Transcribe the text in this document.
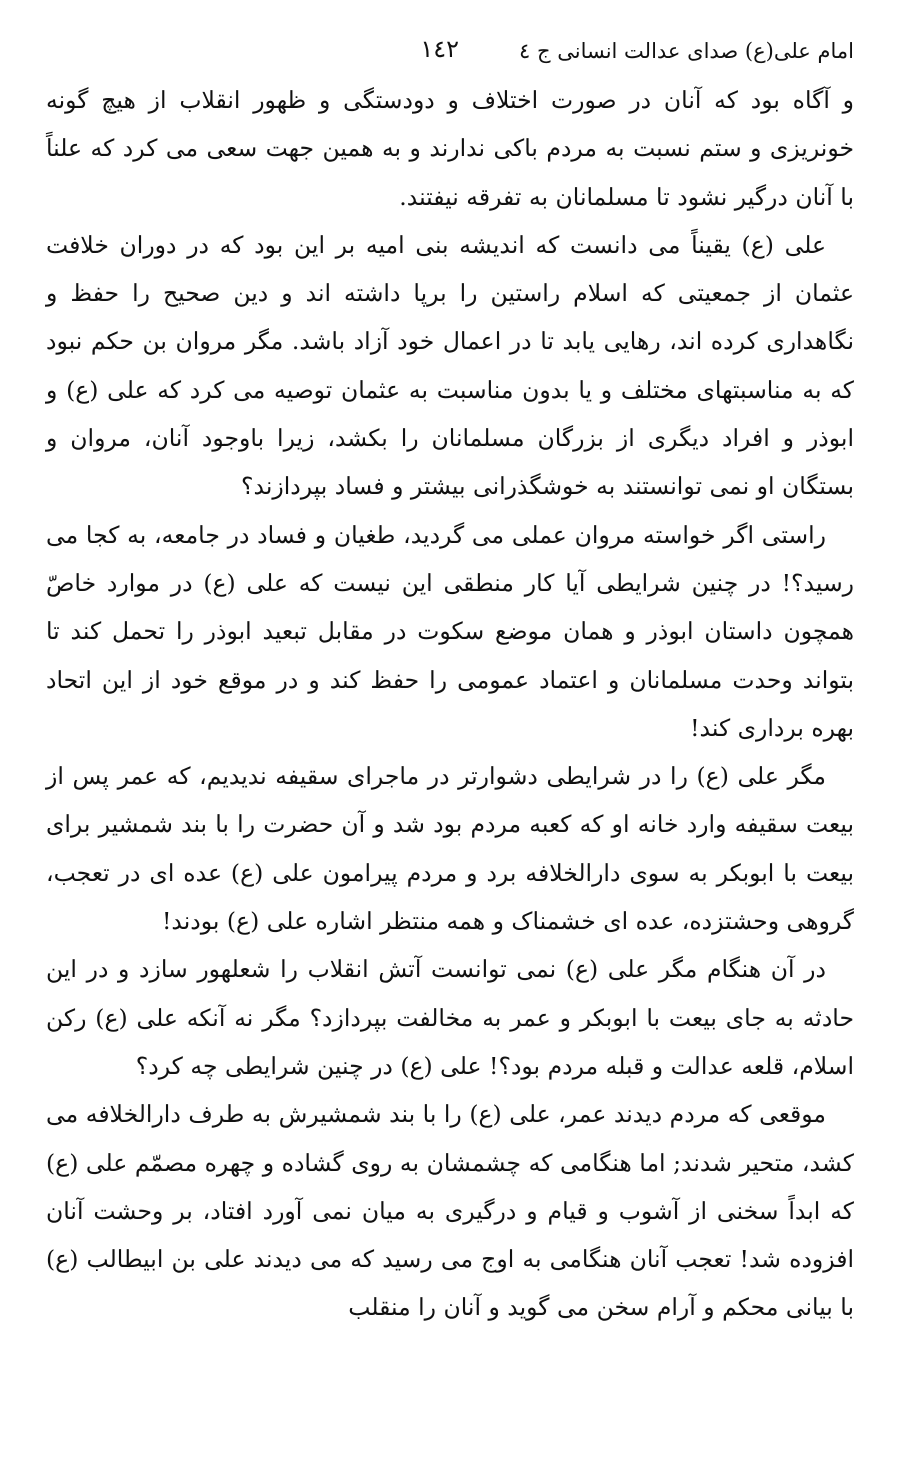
امام علی(ع) صدای عدالت انسانی ج ٤
١٤٢

و آگاه بود که آنان در صورت اختلاف و دودستگی و ظهور انقلاب از هیچ گونه خونریزی و ستم نسبت به مردم باکی ندارند و به همین جهت سعی می کرد که علناً با آنان درگیر نشود تا مسلمانان به تفرقه نیفتند.

علی (ع) یقیناً می دانست که اندیشه بنی امیه بر این بود که در دوران خلافت عثمان از جمعیتی که اسلام راستین را برپا داشته اند و دین صحیح را حفظ و نگاهداری کرده اند، رهایی یابد تا در اعمال خود آزاد باشد. مگر مروان بن حکم نبود که به مناسبتهای مختلف و یا بدون مناسبت به عثمان توصیه می کرد که علی (ع) و ابوذر و افراد دیگری از بزرگان مسلمانان را بکشد، زیرا باوجود آنان، مروان و بستگان او نمی توانستند به خوشگذرانی بیشتر و فساد بپردازند؟

راستی اگر خواسته مروان عملی می گردید، طغیان و فساد در جامعه، به کجا می رسید؟! در چنین شرایطی آیا کار منطقی این نیست که علی (ع) در موارد خاصّ همچون داستان ابوذر و همان موضع سکوت در مقابل تبعید ابوذر را تحمل کند تا بتواند وحدت مسلمانان و اعتماد عمومی را حفظ کند و در موقع خود از این اتحاد بهره برداری کند!

مگر علی (ع) را در شرایطی دشوارتر در ماجرای سقیفه ندیدیم، که عمر پس از بیعت سقیفه وارد خانه او که کعبه مردم بود شد و آن حضرت را با بند شمشیر برای بیعت با ابوبکر به سوی دارالخلافه برد و مردم پیرامون علی (ع) عده ای در تعجب، گروهی وحشتزده، عده ای خشمناک و همه منتظر اشاره علی (ع) بودند!

در آن هنگام مگر علی (ع) نمی توانست آتش انقلاب را شعلهور سازد و در این حادثه به جای بیعت با ابوبکر و عمر به مخالفت بپردازد؟ مگر نه آنکه علی (ع) رکن اسلام، قلعه عدالت و قبله مردم بود؟! علی (ع) در چنین شرایطی چه کرد؟

موقعی که مردم دیدند عمر، علی (ع) را با بند شمشیرش به طرف دارالخلافه می کشد، متحیر شدند; اما هنگامی که چشمشان به روی گشاده و چهره مصمّم علی (ع) که ابداً سخنی از آشوب و قیام و درگیری به میان نمی آورد افتاد، بر وحشت آنان افزوده شد! تعجب آنان هنگامی به اوج می رسید که می دیدند علی بن ابیطالب (ع) با بیانی محکم و آرام سخن می گوید و آنان را منقلب
